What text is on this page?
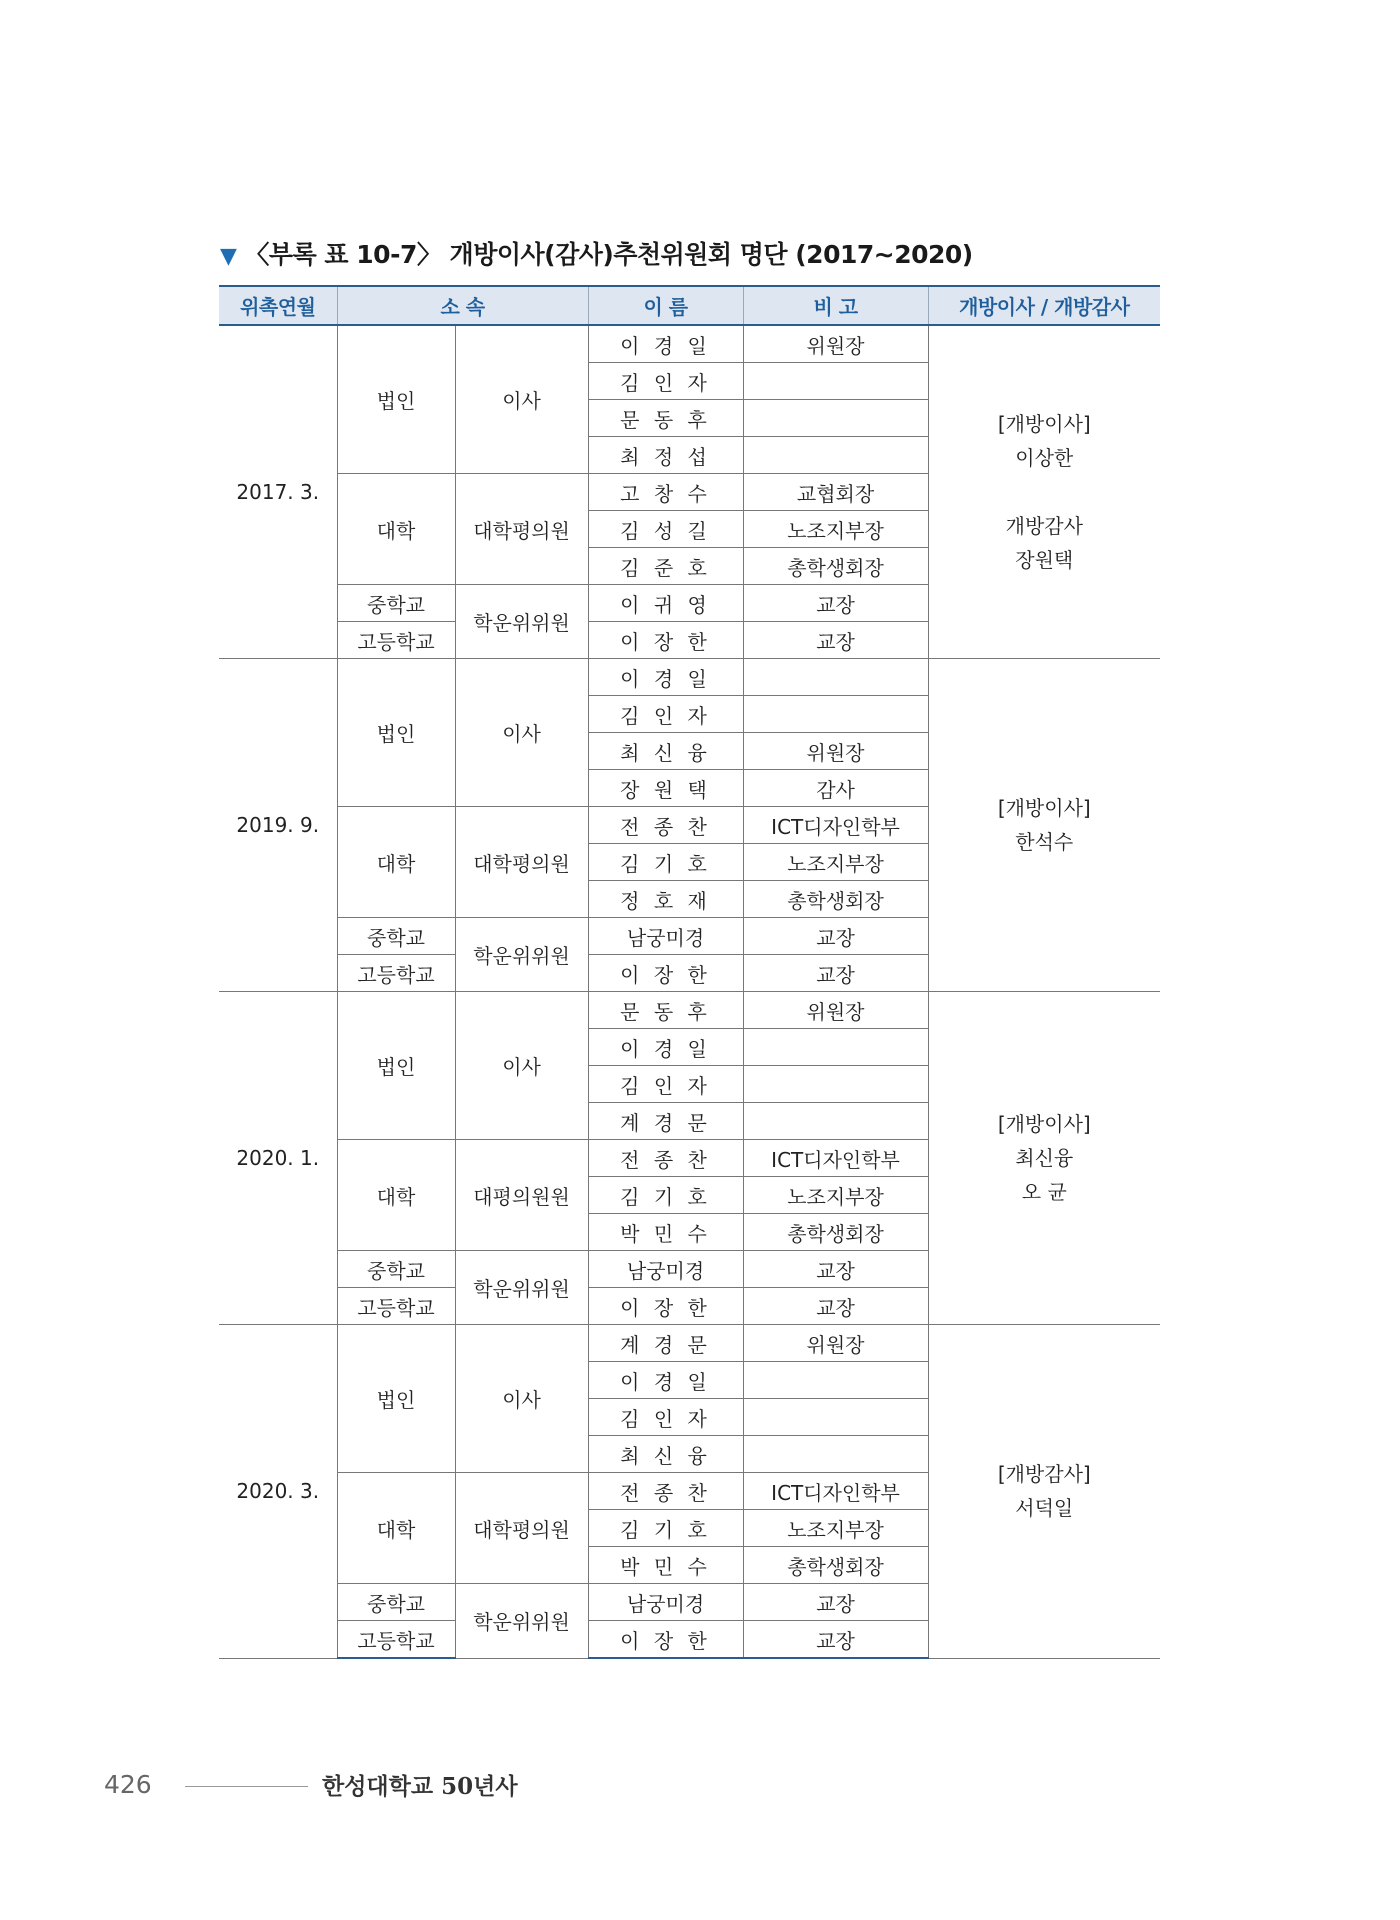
▼ 〈부록 표 10-7〉 개방이사(감사)추천위원회 명단 (2017∼2020)
위촉연월	소 속		이 름	비 고	개방이사 / 개방감사
2017. 3.	법인	이사	이 경 일	위원장	[개방이사]
이상한

개방감사
장원택

			김 인 자		
			문 동 후		
			최 정 섭		
	대학	대학평의원	고 창 수	교협회장	
			김 성 길	노조지부장	
			김 준 호	총학생회장	
	중학교	학운위위원	이 귀 영	교장	
	고등학교		이 장 한	교장	
2019. 9.	법인	이사	이 경 일		[개방이사]
한석수

			김 인 자		
			최 신 융	위원장	
			장 원 택	감사	
	대학	대학평의원	전 종 찬	ICT디자인학부	
			김 기 호	노조지부장	
			정 호 재	총학생회장	
	중학교	학운위위원	남궁미경	교장	
	고등학교		이 장 한	교장	
2020. 1.	법인	이사	문 동 후	위원장	[개방이사]
최신융
오 균

			이 경 일		
			김 인 자		
			계 경 문		
	대학	대평의원원	전 종 찬	ICT디자인학부	
			김 기 호	노조지부장	
			박 민 수	총학생회장	
	중학교	학운위위원	남궁미경	교장	
	고등학교		이 장 한	교장	
2020. 3.	법인	이사	계 경 문	위원장	[개방감사]
서덕일

			이 경 일		
			김 인 자		
			최 신 융		
	대학	대학평의원	전 종 찬	ICT디자인학부	
			김 기 호	노조지부장	
			박 민 수	총학생회장	
	중학교	학운위위원	남궁미경	교장	
	고등학교		이 장 한	교장	
426	한성대학교 50년사
